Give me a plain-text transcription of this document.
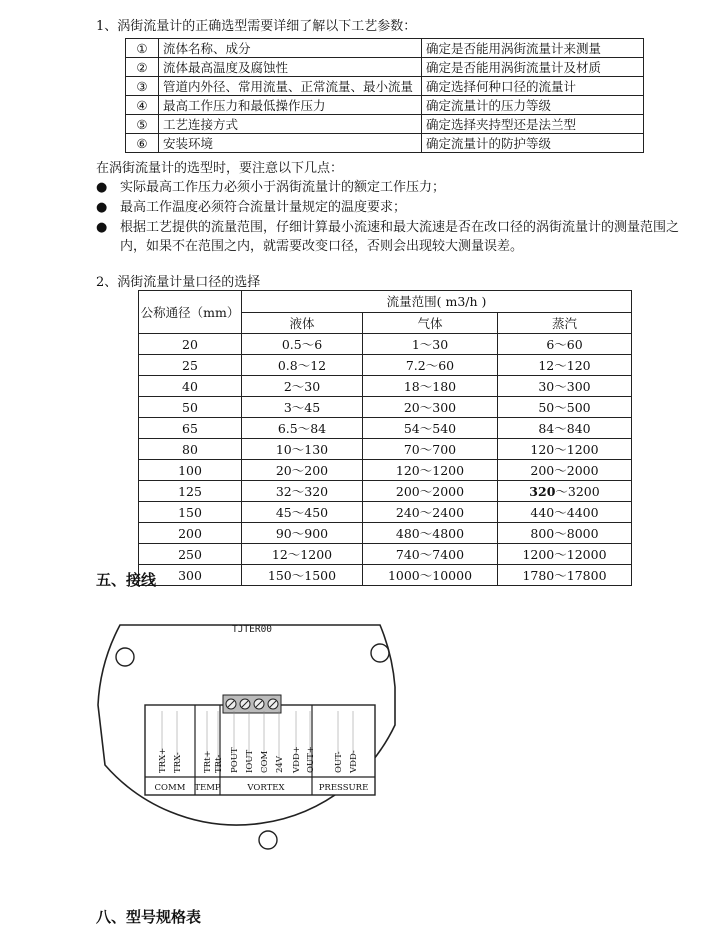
1、涡街流量计的正确选型需要详细了解以下工艺参数：
①	流体名称、成分	确定是否能用涡街流量计来测量
②	流体最高温度及腐蚀性	确定是否能用涡街流量计及材质
③	管道内外径、常用流量、正常流量、最小流量	确定选择何种口径的流量计
④	最高工作压力和最低操作压力	确定流量计的压力等级
⑤	工艺连接方式	确定选择夹持型还是法兰型
⑥	安装环境	确定流量计的防护等级
在涡街流量计的选型时，要注意以下几点：
● 实际最高工作压力必须小于涡街流量计的额定工作压力；
● 最高工作温度必须符合流量计量规定的温度要求；
● 根据工艺提供的流量范围，仔细计算最小流速和最大流速是否在改口径的涡街流量计的测量范围之
内，如果不在范围之内，就需要改变口径，否则会出现较大测量误差。
2、涡街流量计量口径的选择
公称通径（mm）	流量范围( m3/h )		
	液体	气体	蒸汽
20	0.5～6	1～30	6～60
25	0.8～12	7.2～60	12～120
40	2～30	18～180	30～300
50	3～45	20～300	50～500
65	6.5～84	54～540	84～840
80	10～130	70～700	120～1200
100	20～200	120～1200	200～2000
125	32～320	200～2000	320～3200
150	45～450	240～2400	440～4400
200	90～900	480～4800	800～8000
250	12～1200	740～7400	1200～12000
300	150～1500	1000～10000	1780～17800
五、接线
TJTER00
TRX+ TRX- TRt+ TRt- POUT IOUT COM 24V VDD+ OUT+ OUT- VDD-
COMM TEMP	VORTEX	PRESSURE
八、型号规格表
